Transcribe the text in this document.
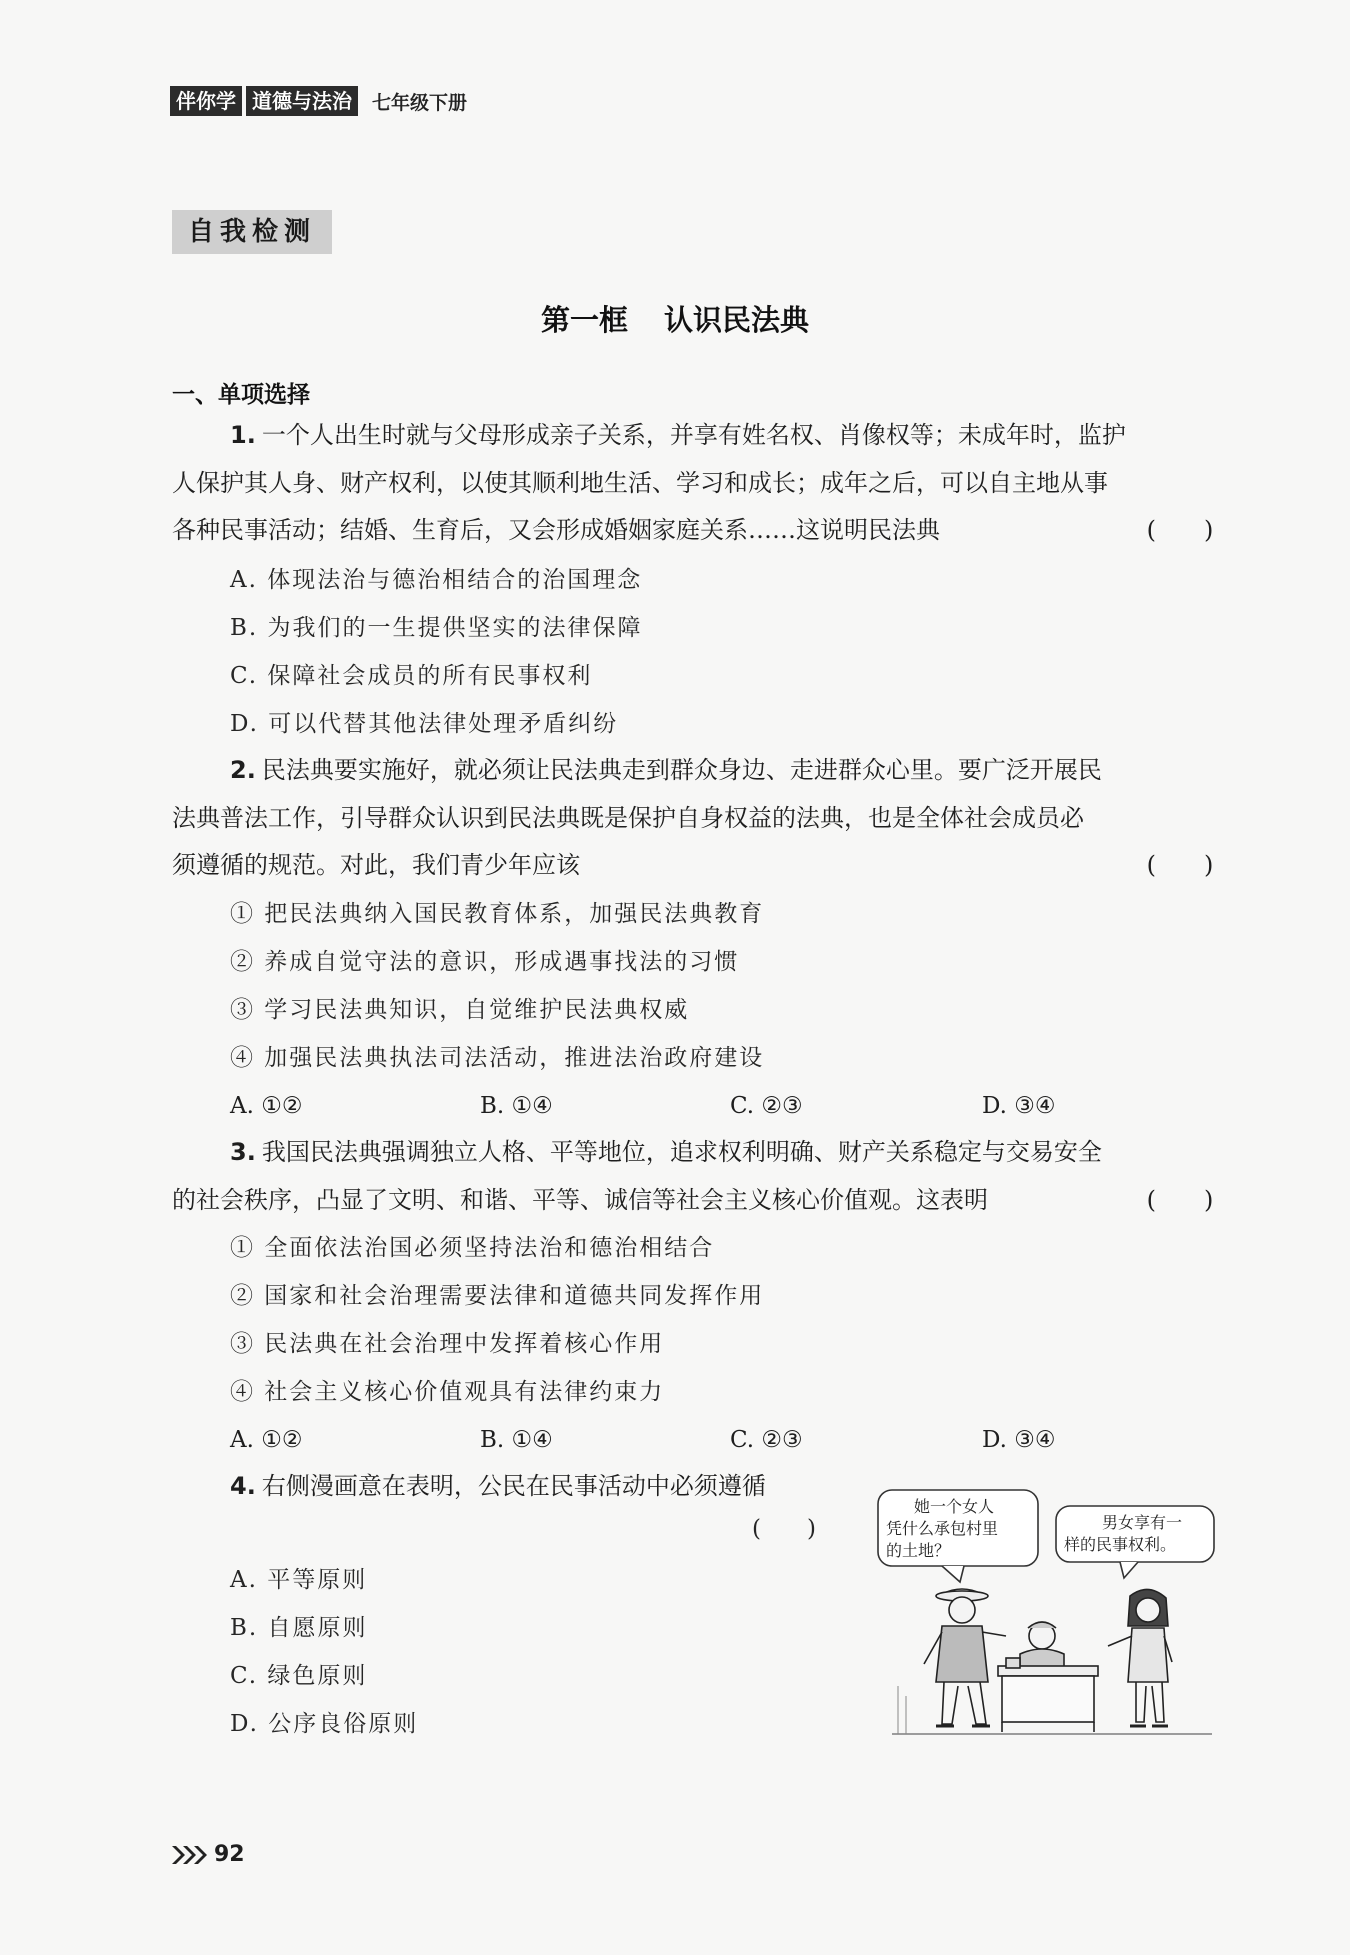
伴你学 道德与法治	七年级下册
自我检测
第一框 认识民法典
一、单项选择
1. 一个人出生时就与父母形成亲子关系，并享有姓名权、肖像权等；未成年时，监护
人保护其人身、财产权利，以使其顺利地生活、学习和成长；成年之后，可以自主地从事
(　　)
各种民事活动；结婚、生育后，又会形成婚姻家庭关系……这说明民法典
A. 体现法治与德治相结合的治国理念
B. 为我们的一生提供坚实的法律保障
C. 保障社会成员的所有民事权利
D. 可以代替其他法律处理矛盾纠纷
2. 民法典要实施好，就必须让民法典走到群众身边、走进群众心里。要广泛开展民
法典普法工作，引导群众认识到民法典既是保护自身权益的法典，也是全体社会成员必
(　　)
须遵循的规范。对此，我们青少年应该
① 把民法典纳入国民教育体系，加强民法典教育
② 养成自觉守法的意识，形成遇事找法的习惯
③ 学习民法典知识，自觉维护民法典权威
④ 加强民法典执法司法活动，推进法治政府建设
A. ①②	B. ①④	C. ②③	D. ③④
3. 我国民法典强调独立人格、平等地位，追求权利明确、财产关系稳定与交易安全
(　　)
的社会秩序，凸显了文明、和谐、平等、诚信等社会主义核心价值观。这表明
① 全面依法治国必须坚持法治和德治相结合
② 国家和社会治理需要法律和道德共同发挥作用
③ 民法典在社会治理中发挥着核心作用
④ 社会主义核心价值观具有法律约束力
A. ①②	B. ①④	C. ②③	D. ③④
4. 右侧漫画意在表明，公民在民事活动中必须遵循
(　　)
A. 平等原则
B. 自愿原则
C. 绿色原则
D. 公序良俗原则
她一个女人
凭什么承包村里
的土地？
男女享有一
样的民事权利。
92
